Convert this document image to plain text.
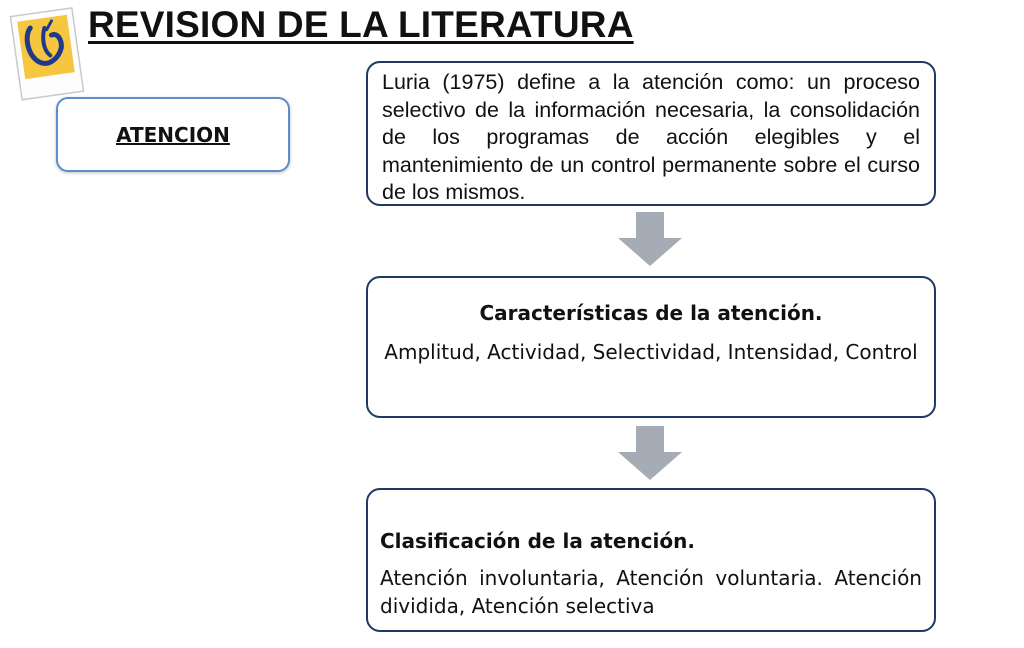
REVISION DE LA LITERATURA
ATENCION
Luria (1975) define a la atención como: un proceso selectivo de la información necesaria, la consolidación de los programas de acción elegibles y el mantenimiento de un control permanente sobre el curso de los mismos.
Características de la atención.
Amplitud, Actividad, Selectividad, Intensidad, Control
Clasificación de la atención.
Atención involuntaria, Atención voluntaria. Atención dividida, Atención selectiva
